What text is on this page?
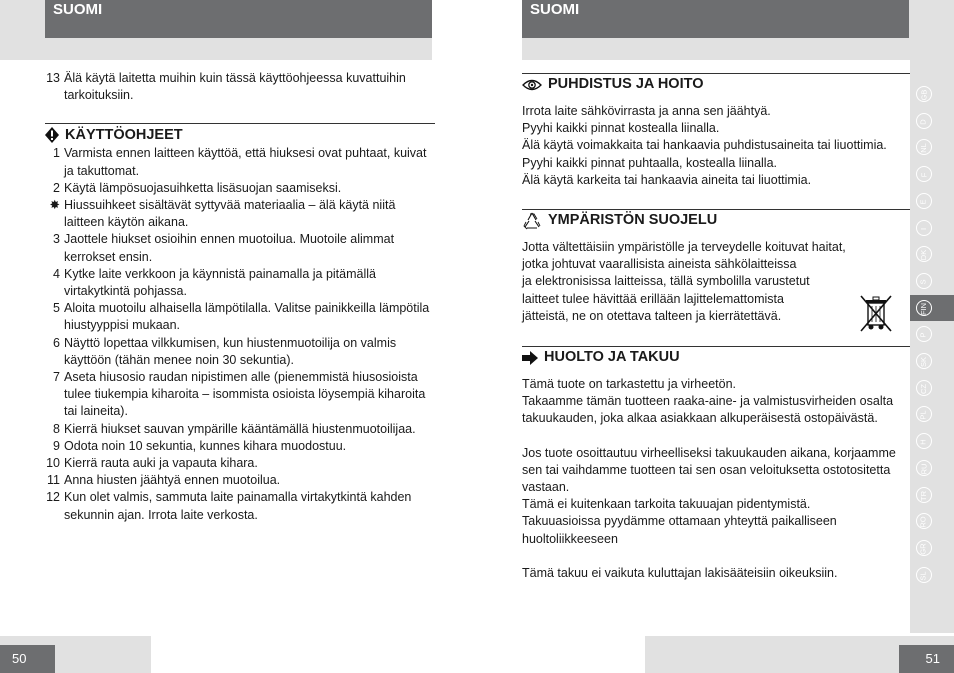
SUOMI	SUOMI
13 Älä käytä laitetta muihin kuin tässä käyttöohjeessa kuvattuihin tarkoituksiin.
KÄYTTÖOHJEET
1 Varmista ennen laitteen käyttöä, että hiuksesi ovat puhtaat, kuivat ja takuttomat.
2 Käytä lämpösuojasuihketta lisäsuojan saamiseksi.
✸ Hiussuihkeet sisältävät syttyvää materiaalia – älä käytä niitä laitteen käytön aikana.
3 Jaottele hiukset osioihin ennen muotoilua. Muotoile alimmat kerrokset ensin.
4 Kytke laite verkkoon ja käynnistä painamalla ja pitämällä virtakytkintä pohjassa.
5 Aloita muotoilu alhaisella lämpötilalla. Valitse painikkeilla lämpötila hiustyyppisi mukaan.
6 Näyttö lopettaa vilkkumisen, kun hiustenmuotoilija on valmis käyttöön (tähän menee noin 30 sekuntia).
7 Aseta hiusosio raudan nipistimen alle (pienemmistä hiusosioista tulee tiukempia kiharoita – isommista osioista löysempiä kiharoita tai laineita).
8 Kierrä hiukset sauvan ympärille kääntämällä hiustenmuotoilijaa.
9 Odota noin 10 sekuntia, kunnes kihara muodostuu.
10 Kierrä rauta auki ja vapauta kihara.
11 Anna hiusten jäähtyä ennen muotoilua.
12 Kun olet valmis, sammuta laite painamalla virtakytkintä kahden sekunnin ajan. Irrota laite verkosta.
PUHDISTUS JA HOITO

Irrota laite sähkövirrasta ja anna sen jäähtyä.

Pyyhi kaikki pinnat kostealla liinalla.

Älä käytä voimakkaita tai hankaavia puhdistusaineita tai liuottimia.

Pyyhi kaikki pinnat puhtaalla, kostealla liinalla.

Älä käytä karkeita tai hankaavia aineita tai liuottimia.

YMPÄRISTÖN SUOJELU

Jotta vältettäisiin ympäristölle ja terveydelle koituvat haitat,

jotka johtuvat vaarallisista aineista sähkölaitteissa

ja elektronisissa laitteissa, tällä symbolilla varustetut

laitteet tulee hävittää erillään lajittelemattomista

jätteistä, ne on otettava talteen ja kierrätettävä.

HUOLTO JA TAKUU

Tämä tuote on tarkastettu ja virheetön.

Takaamme tämän tuotteen raaka-aine- ja valmistusvirheiden osalta takuukauden, joka alkaa asiakkaan alkuperäisestä ostopäivästä.

Jos tuote osoittautuu virheelliseksi takuukauden aikana, korjaamme sen tai vaihdamme tuotteen tai sen osan veloituksetta ostotositetta vastaan.

Tämä ei kuitenkaan tarkoita takuuajan pidentymistä.

Takuuasioissa pyydämme ottamaan yhteyttä paikalliseen huoltoliikkeeseen

Tämä takuu ei vaikuta kuluttajan lakisääteisiin oikeuksiin.

GB
D
NL
F
E
I
DK
S
FIN
P
SK
CZ
PL
H
RU
TR
RO
GR
SL
50	51
